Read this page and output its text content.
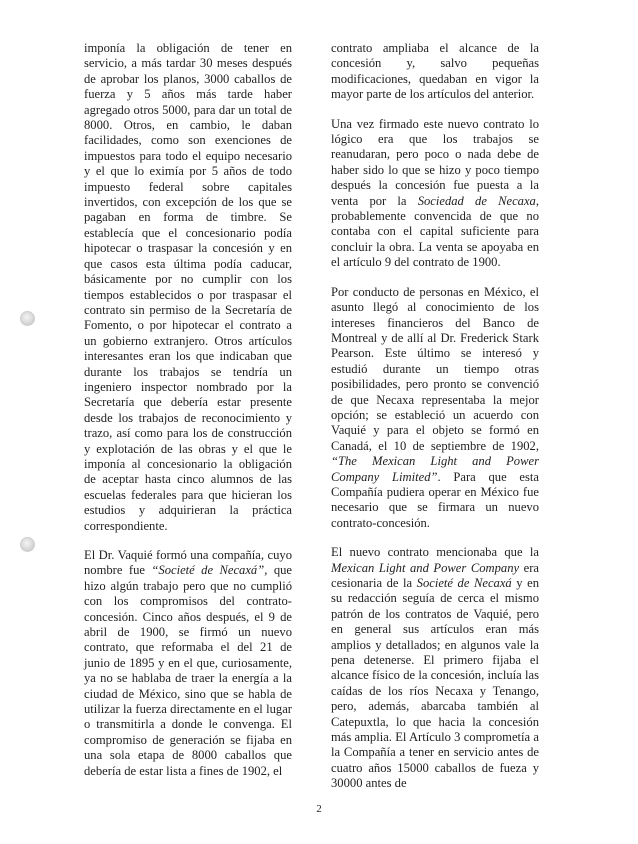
imponía la obligación de tener en servicio, a más tardar 30 meses después de aprobar los planos, 3000 caballos de fuerza y 5 años más tarde haber agregado otros 5000, para dar un total de 8000. Otros, en cambio, le daban facilidades, como son exenciones de impuestos para todo el equipo necesario y el que lo eximía por 5 años de todo impuesto federal sobre capitales invertidos, con excepción de los que se pagaban en forma de timbre. Se establecía que el concesionario podía hipotecar o traspasar la concesión y en que casos esta última podía caducar, básicamente por no cumplir con los tiempos establecidos o por traspasar el contrato sin permiso de la Secretaría de Fomento, o por hipotecar el contrato a un gobierno extranjero. Otros artículos interesantes eran los que indicaban que durante los trabajos se tendría un ingeniero inspector nombrado por la Secretaría que debería estar presente desde los trabajos de reconocimiento y trazo, así como para los de construcción y explotación de las obras y el que le imponía al concesionario la obligación de aceptar hasta cinco alumnos de las escuelas federales para que hicieran los estudios y adquirieran la práctica correspondiente.

El Dr. Vaquié formó una compañía, cuyo nombre fue “Societé de Necaxá”, que hizo algún trabajo pero que no cumplió con los compromisos del contrato-concesión. Cinco años después, el 9 de abril de 1900, se firmó un nuevo contrato, que reformaba el del 21 de junio de 1895 y en el que, curiosamente, ya no se hablaba de traer la energía a la ciudad de México, sino que se habla de utilizar la fuerza directamente en el lugar o transmitirla a donde le convenga. El compromiso de generación se fijaba en una sola etapa de 8000 caballos que debería de estar lista a fines de 1902, el

contrato ampliaba el alcance de la concesión y, salvo pequeñas modificaciones, quedaban en vigor la mayor parte de los artículos del anterior.

Una vez firmado este nuevo contrato lo lógico era que los trabajos se reanudaran, pero poco o nada debe de haber sido lo que se hizo y poco tiempo después la concesión fue puesta a la venta por la Sociedad de Necaxa, probablemente convencida de que no contaba con el capital suficiente para concluir la obra. La venta se apoyaba en el artículo 9 del contrato de 1900.

Por conducto de personas en México, el asunto llegó al conocimiento de los intereses financieros del Banco de Montreal y de allí al Dr. Frederick Stark Pearson. Este último se interesó y estudió durante un tiempo otras posibilidades, pero pronto se convenció de que Necaxa representaba la mejor opción; se estableció un acuerdo con Vaquié y para el objeto se formó en Canadá, el 10 de septiembre de 1902, “The Mexican Light and Power Company Limited”. Para que esta Compañía pudiera operar en México fue necesario que se firmara un nuevo contrato-concesión.

El nuevo contrato mencionaba que la Mexican Light and Power Company era cesionaria de la Societé de Necaxá y en su redacción seguía de cerca el mismo patrón de los contratos de Vaquié, pero en general sus artículos eran más amplios y detallados; en algunos vale la pena detenerse. El primero fijaba el alcance físico de la concesión, incluía las caídas de los ríos Necaxa y Tenango, pero, además, abarcaba también al Catepuxtla, lo que hacia la concesión más amplia. El Artículo 3 comprometía a la Compañía a tener en servicio antes de cuatro años 15000 caballos de fueza y 30000 antes de

2
